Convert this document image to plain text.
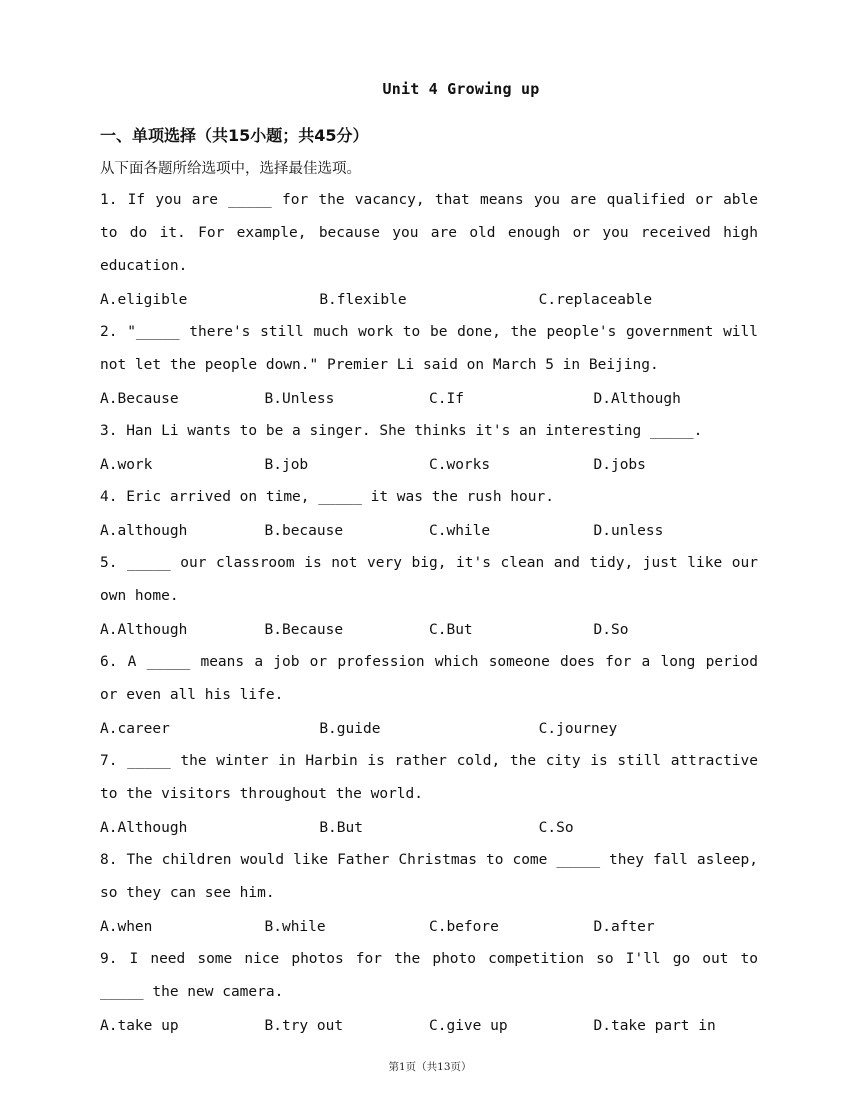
Unit 4 Growing up
一、单项选择（共15小题；共45分）
从下面各题所给选项中，选择最佳选项。

1. If you are _____ for the vacancy, that means you are qualified or able to do it. For example, because you are old enough or you received high education.

A.eligible	B.flexible	C.replaceable

2. "_____ there's still much work to be done, the people's government will not let the people down." Premier Li said on March 5 in Beijing.

A.Because	B.Unless	C.If	D.Although

3. Han Li wants to be a singer. She thinks it's an interesting _____.

A.work	B.job	C.works	D.jobs

4. Eric arrived on time, _____ it was the rush hour.

A.although	B.because	C.while	D.unless

5. _____ our classroom is not very big, it's clean and tidy, just like our own home.

A.Although	B.Because	C.But	D.So

6. A _____ means a job or profession which someone does for a long period or even all his life.

A.career	B.guide	C.journey

7. _____ the winter in Harbin is rather cold, the city is still attractive to the visitors throughout the world.

A.Although	B.But	C.So

8. The children would like Father Christmas to come _____ they fall asleep, so they can see him.

A.when	B.while	C.before	D.after

9. I need some nice photos for the photo competition so I'll go out to _____ the new camera.

A.take up	B.try out	C.give up	D.take part in
第1页（共13页）
